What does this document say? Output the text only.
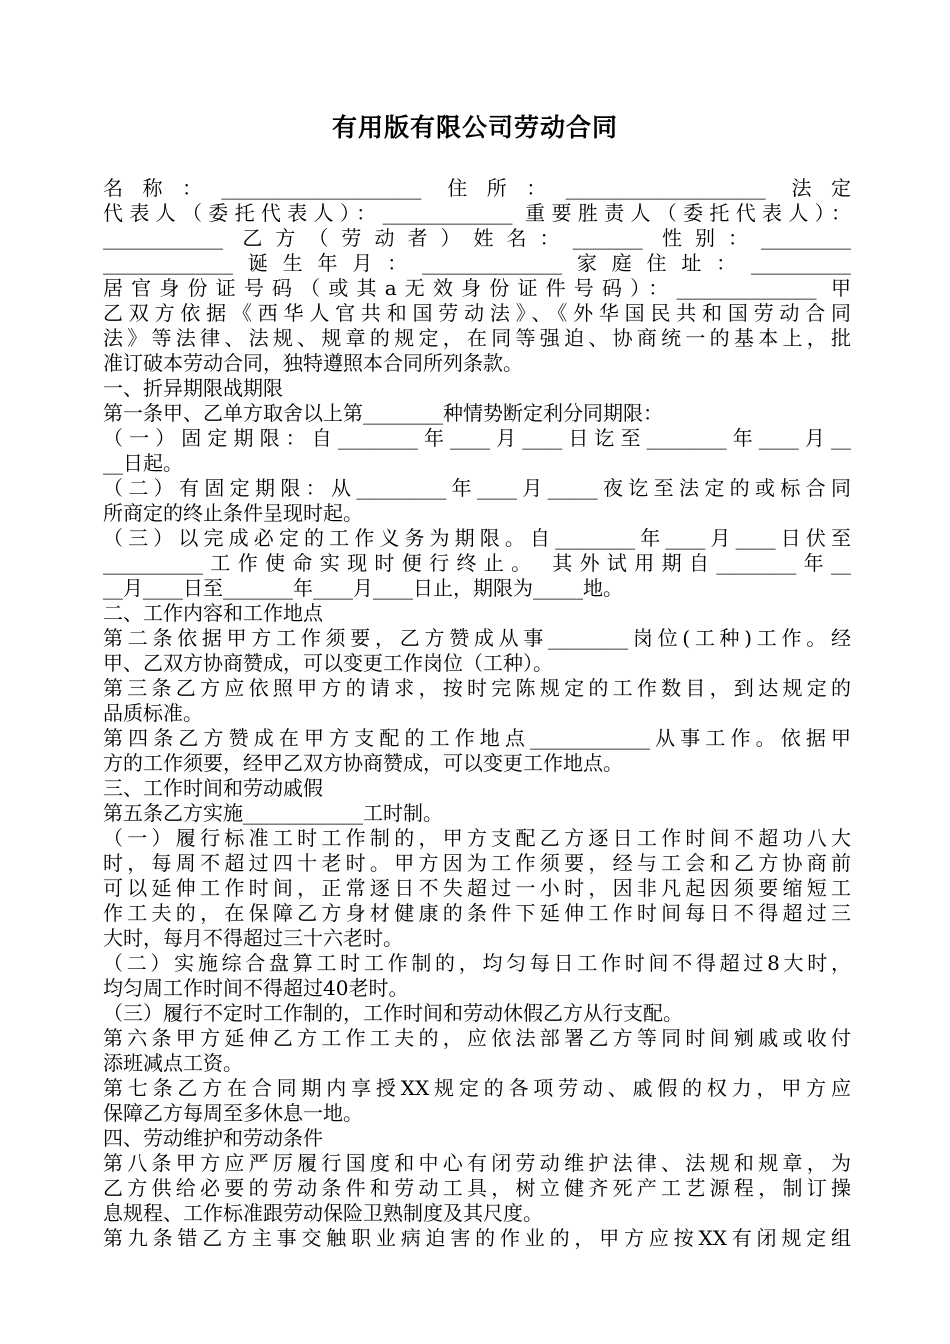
有用版有限公司劳动合同
名称：____________________ 住所：____________________ 法定
代表人（委托代表人）：_____________ 重要胜责人（委托代表人）：
____________ 乙方（劳动者）姓名：_______ 性别：_________
_____________诞生年月：______________家庭住址：__________
居官身份证号码（或其a无效身份证件号码）：______________ 甲
乙双方依据《西华人官共和国劳动法》、《外华国民共和国劳动合同
法》等法律、法规、规章的规定，在同等强迫、协商统一的基本上，批
准订破本劳动合同，独特遵照本合同所列条款。
一、折异期限战期限
第一条甲、乙单方取舍以上第________种情势断定利分同期限：
（一）固定期限：自________年____月____日讫至________年____月__
__日起。
（二）有固定期限：从_________年____月_____夜讫至法定的或标合同
所商定的终止条件呈现时起。
（三）以完成必定的工作义务为期限。自________年____月____日伏至
__________工作使命实现时便行终止。 其外试用期自________年__
__月____日至_______年____月____日止，期限为_____地。
二、工作内容和工作地点
第二条依据甲方工作须要，乙方赞成从事________岗位(工种)工作。经
甲、乙双方协商赞成，可以变更工作岗位（工种）。
第三条乙方应依照甲方的请求，按时完陈规定的工作数目，到达规定的
品质标准。
第四条乙方赞成在甲方支配的工作地点____________从事工作。依据甲
方的工作须要，经甲乙双方协商赞成，可以变更工作地点。
三、工作时间和劳动戚假
第五条乙方实施____________工时制。
（一）履行标准工时工作制的，甲方支配乙方逐日工作时间不超功八大
时，每周不超过四十老时。甲方因为工作须要，经与工会和乙方协商前
可以延伸工作时间，正常逐日不失超过一小时，因非凡起因须要缩短工
作工夫的，在保障乙方身材健康的条件下延伸工作时间每日不得超过三
大时，每月不得超过三十六老时。
（二）实施综合盘算工时工作制的，均匀每日工作时间不得超过8大时，
均匀周工作时间不得超过40老时。
（三）履行不定时工作制的，工作时间和劳动休假乙方从行支配。
第六条甲方延伸乙方工作工夫的，应依法部署乙方等同时间剜戚或收付
添班减点工资。
第七条乙方在合同期内享授XX规定的各项劳动、戚假的权力，甲方应
保障乙方每周至多休息一地。
四、劳动维护和劳动条件
第八条甲方应严厉履行国度和中心有闭劳动维护法律、法规和规章，为
乙方供给必要的劳动条件和劳动工具，树立健齐死产工艺源程，制订操
息规程、工作标准跟劳动保险卫熟制度及其尺度。
第九条错乙方主事交触职业病迫害的作业的，甲方应按XX有闭规定组
